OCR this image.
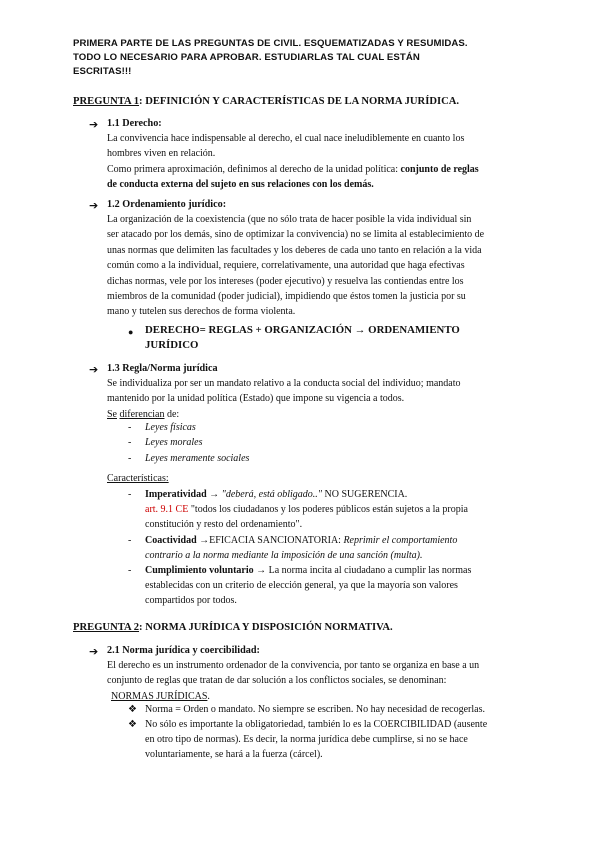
PRIMERA PARTE DE LAS PREGUNTAS DE CIVIL. ESQUEMATIZADAS Y RESUMIDAS.
TODO LO NECESARIO PARA APROBAR. ESTUDIARLAS TAL CUAL ESTÁN
ESCRITAS!!!
PREGUNTA 1: DEFINICIÓN Y CARACTERÍSTICAS DE LA NORMA JURÍDICA.
➔ 1.1 Derecho:
La convivencia hace indispensable al derecho, el cual nace ineludiblemente en cuanto los
hombres viven en relación.
Como primera aproximación, definimos al derecho de la unidad política: conjunto de reglas
de conducta externa del sujeto en sus relaciones con los demás.
➔ 1.2 Ordenamiento jurídico:
La organización de la coexistencia (que no sólo trata de hacer posible la vida individual sin
ser atacado por los demás, sino de optimizar la convivencia) no se limita al establecimiento de
unas normas que delimiten las facultades y los deberes de cada uno tanto en relación a la vida
común como a la individual, requiere, correlativamente, una autoridad que haga efectivas
dichas normas, vele por los intereses (poder ejecutivo) y resuelva las contiendas entre los
miembros de la comunidad (poder judicial), impidiendo que éstos tomen la justicia por su
mano y tutelen sus derechos de forma violenta.
● DERECHO= REGLAS + ORGANIZACIÓN → ORDENAMIENTO
JURÍDICO
➔ 1.3 Regla/Norma jurídica
Se individualiza por ser un mandato relativo a la conducta social del individuo; mandato
mantenido por la unidad política (Estado) que impone su vigencia a todos.
Se diferencian de:
- Leyes físicas
- Leyes morales
- Leyes meramente sociales
Características:
- Imperatividad → "deberá, está obligado.." NO SUGERENCIA.
art. 9.1 CE "todos los ciudadanos y los poderes públicos están sujetos a la propia
constitución y resto del ordenamiento".
- Coactividad →EFICACIA SANCIONATORIA: Reprimir el comportamiento
contrario a la norma mediante la imposición de una sanción (multa).
- Cumplimiento voluntario → La norma incita al ciudadano a cumplir las normas
establecidas con un criterio de elección general, ya que la mayoría son valores
compartidos por todos.
PREGUNTA 2: NORMA JURÍDICA Y DISPOSICIÓN NORMATIVA.
➔ 2.1 Norma jurídica y coercibilidad:
El derecho es un instrumento ordenador de la convivencia, por tanto se organiza en base a un
conjunto de reglas que tratan de dar solución a los conflictos sociales, se denominan:
NORMAS JURÍDICAS.
❖ Norma = Orden o mandato. No siempre se escriben. No hay necesidad de recogerlas.
❖ No sólo es importante la obligatoriedad, también lo es la COERCIBILIDAD (ausente
en otro tipo de normas). Es decir, la norma jurídica debe cumplirse, si no se hace
voluntariamente, se hará a la fuerza (cárcel).
